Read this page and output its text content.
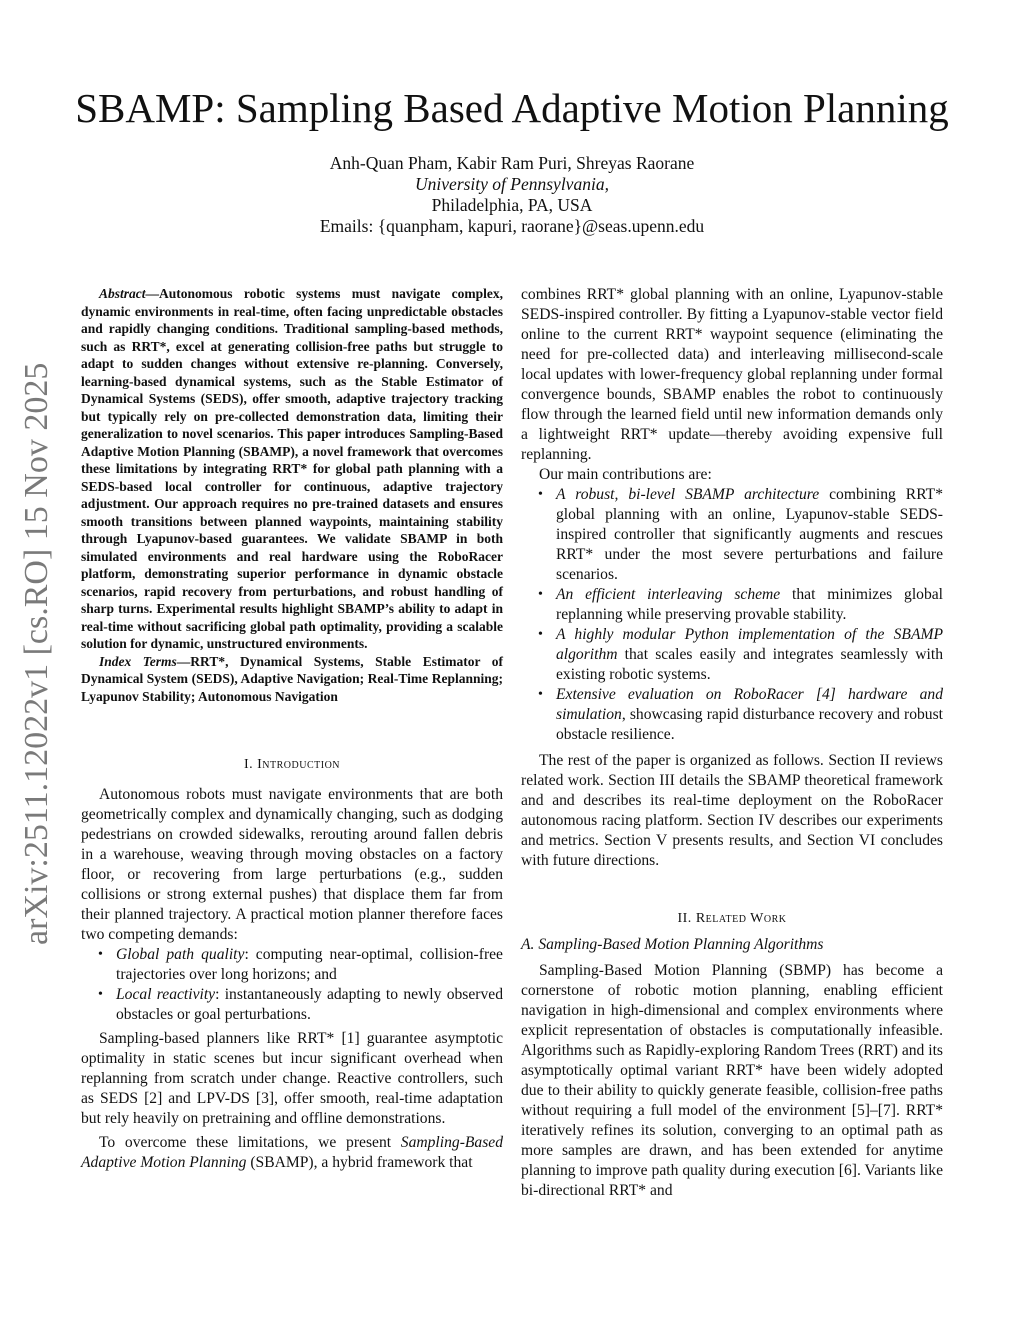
arXiv:2511.12022v1 [cs.RO] 15 Nov 2025
SBAMP: Sampling Based Adaptive Motion Planning
Anh-Quan Pham, Kabir Ram Puri, Shreyas Raorane
University of Pennsylvania,
Philadelphia, PA, USA
Emails: {quanpham, kapuri, raorane}@seas.upenn.edu

Abstract—Autonomous robotic systems must navigate complex, dynamic environments in real-time, often facing unpredictable obstacles and rapidly changing conditions. Traditional sampling-based methods, such as RRT*, excel at generating collision-free paths but struggle to adapt to sudden changes without extensive re-planning. Conversely, learning-based dynamical systems, such as the Stable Estimator of Dynamical Systems (SEDS), offer smooth, adaptive trajectory tracking but typically rely on pre-collected demonstration data, limiting their generalization to novel scenarios. This paper introduces Sampling-Based Adaptive Motion Planning (SBAMP), a novel framework that overcomes these limitations by integrating RRT* for global path planning with a SEDS-based local controller for continuous, adaptive trajectory adjustment. Our approach requires no pre-trained datasets and ensures smooth transitions between planned waypoints, maintaining stability through Lyapunov-based guarantees. We validate SBAMP in both simulated environments and real hardware using the RoboRacer platform, demonstrating superior performance in dynamic obstacle scenarios, rapid recovery from perturbations, and robust handling of sharp turns. Experimental results highlight SBAMP’s ability to adapt in real-time without sacrificing global path optimality, providing a scalable solution for dynamic, unstructured environments.

Index Terms—RRT*, Dynamical Systems, Stable Estimator of Dynamical System (SEDS), Adaptive Navigation; Real-Time Replanning; Lyapunov Stability; Autonomous Navigation

I. Introduction

Autonomous robots must navigate environments that are both geometrically complex and dynamically changing, such as dodging pedestrians on crowded sidewalks, rerouting around fallen debris in a warehouse, weaving through moving obstacles on a factory floor, or recovering from large perturbations (e.g., sudden collisions or strong external pushes) that displace them far from their planned trajectory. A practical motion planner therefore faces two competing demands:

• Global path quality: computing near-optimal, collision-free trajectories over long horizons; and
• Local reactivity: instantaneously adapting to newly observed obstacles or goal perturbations.

Sampling-based planners like RRT* [1] guarantee asymptotic optimality in static scenes but incur significant overhead when replanning from scratch under change. Reactive controllers, such as SEDS [2] and LPV-DS [3], offer smooth, real-time adaptation but rely heavily on pretraining and offline demonstrations.

To overcome these limitations, we present Sampling-Based Adaptive Motion Planning (SBAMP), a hybrid framework that

combines RRT* global planning with an online, Lyapunov-stable SEDS-inspired controller. By fitting a Lyapunov-stable vector field online to the current RRT* waypoint sequence (eliminating the need for pre-collected data) and interleaving millisecond-scale local updates with lower-frequency global replanning under formal convergence bounds, SBAMP enables the robot to continuously flow through the learned field until new information demands only a lightweight RRT* update—thereby avoiding expensive full replanning.

Our main contributions are:

• A robust, bi-level SBAMP architecture combining RRT* global planning with an online, Lyapunov-stable SEDS-inspired controller that significantly augments and rescues RRT* under the most severe perturbations and failure scenarios.
• An efficient interleaving scheme that minimizes global replanning while preserving provable stability.
• A highly modular Python implementation of the SBAMP algorithm that scales easily and integrates seamlessly with existing robotic systems.
• Extensive evaluation on RoboRacer [4] hardware and simulation, showcasing rapid disturbance recovery and robust obstacle resilience.

The rest of the paper is organized as follows. Section II reviews related work. Section III details the SBAMP theoretical framework and and describes its real-time deployment on the RoboRacer autonomous racing platform. Section IV describes our experiments and metrics. Section V presents results, and Section VI concludes with future directions.

II. Related Work

A. Sampling-Based Motion Planning Algorithms

Sampling-Based Motion Planning (SBMP) has become a cornerstone of robotic motion planning, enabling efficient navigation in high-dimensional and complex environments where explicit representation of obstacles is computationally infeasible. Algorithms such as Rapidly-exploring Random Trees (RRT) and its asymptotically optimal variant RRT* have been widely adopted due to their ability to quickly generate feasible, collision-free paths without requiring a full model of the environment [5]–[7]. RRT* iteratively refines its solution, converging to an optimal path as more samples are drawn, and has been extended for anytime planning to improve path quality during execution [6]. Variants like bi-directional RRT* and
